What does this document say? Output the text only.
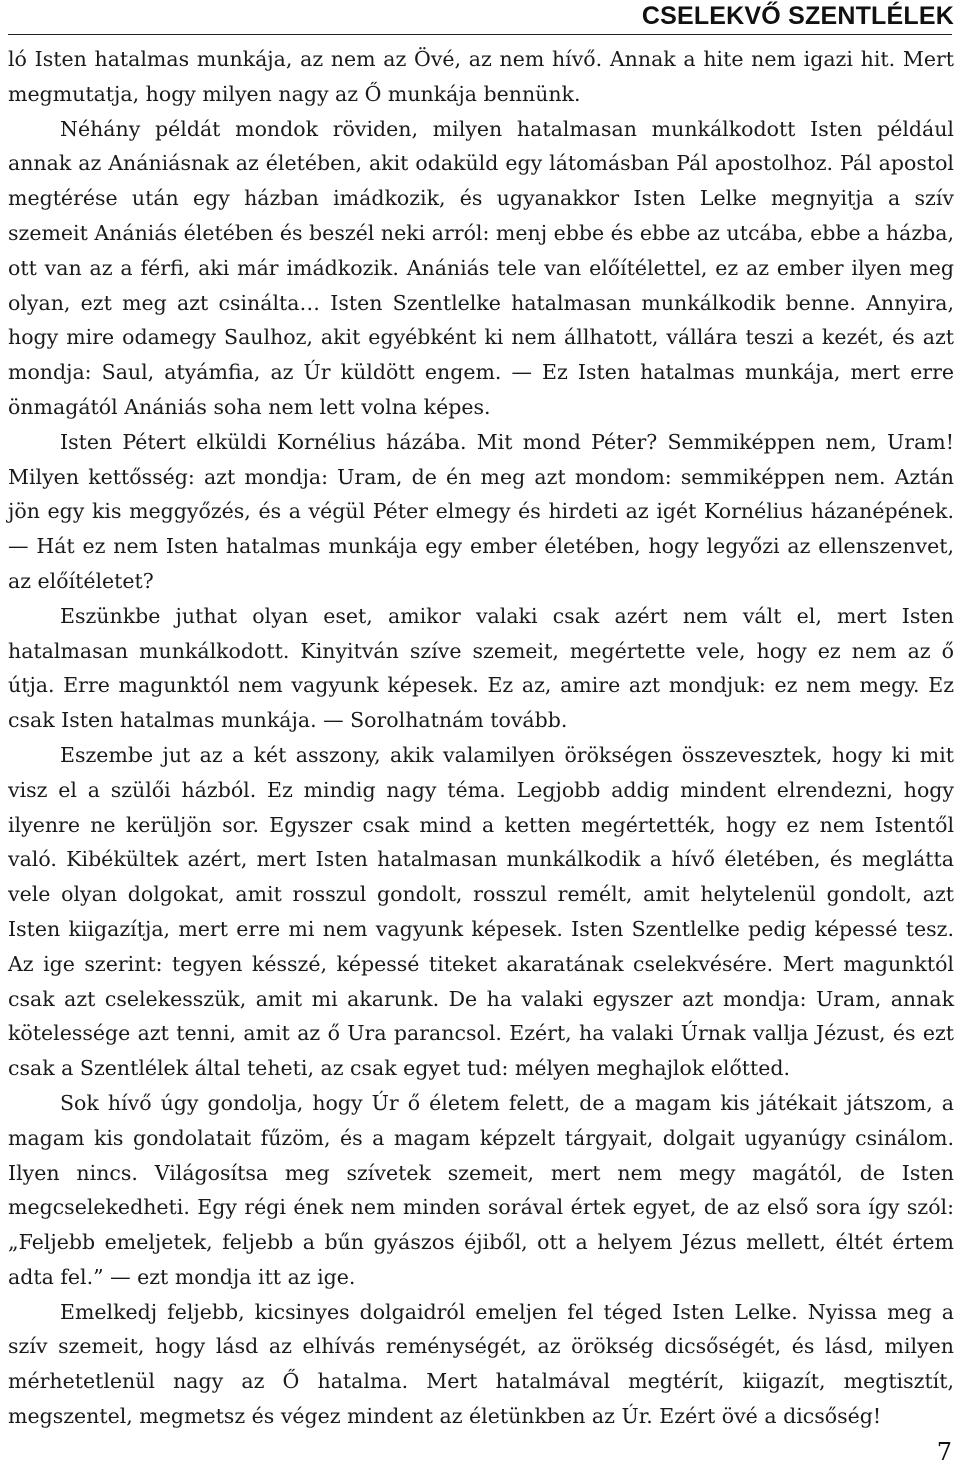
CSELEKVŐ SZENTLÉLEK

ló Isten hatalmas munkája, az nem az Övé, az nem hívő. Annak a hite nem igazi hit. Mert megmutatja, hogy milyen nagy az Ő munkája bennünk.

Néhány példát mondok röviden, milyen hatalmasan munkálkodott Isten például annak az Anániásnak az életében, akit odaküld egy látomásban Pál apostolhoz. Pál apostol megtérése után egy házban imádkozik, és ugyanakkor Isten Lelke megnyitja a szív szemeit Anániás életében és beszél neki arról: menj ebbe és ebbe az utcába, ebbe a házba, ott van az a férfi, aki már imádkozik. Anániás tele van előítélettel, ez az ember ilyen meg olyan, ezt meg azt csinálta… Isten Szentlelke hatalmasan munkálkodik benne. Annyira, hogy mire odamegy Saulhoz, akit egyébként ki nem állhatott, vállára teszi a kezét, és azt mondja: Saul, atyámfia, az Úr küldött engem. — Ez Isten hatalmas munkája, mert erre önmagától Anániás soha nem lett volna képes.

Isten Pétert elküldi Kornélius házába. Mit mond Péter? Semmiképpen nem, Uram! Milyen kettősség: azt mondja: Uram, de én meg azt mondom: semmiképpen nem. Aztán jön egy kis meggyőzés, és a végül Péter elmegy és hirdeti az igét Kornélius házanépének. — Hát ez nem Isten hatalmas munkája egy ember életében, hogy legyőzi az ellenszenvet, az előítéletet?

Eszünkbe juthat olyan eset, amikor valaki csak azért nem vált el, mert Isten hatalmasan munkálkodott. Kinyitván szíve szemeit, megértette vele, hogy ez nem az ő útja. Erre magunktól nem vagyunk képesek. Ez az, amire azt mondjuk: ez nem megy. Ez csak Isten hatalmas munkája. — Sorolhatnám tovább.

Eszembe jut az a két asszony, akik valamilyen örökségen összevesztek, hogy ki mit visz el a szülői házból. Ez mindig nagy téma. Legjobb addig mindent elrendezni, hogy ilyenre ne kerüljön sor. Egyszer csak mind a ketten megértették, hogy ez nem Istentől való. Kibékültek azért, mert Isten hatalmasan munkálkodik a hívő életében, és meglátta vele olyan dolgokat, amit rosszul gondolt, rosszul remélt, amit helytelenül gondolt, azt Isten kiigazítja, mert erre mi nem vagyunk képesek. Isten Szentlelke pedig képessé tesz. Az ige szerint: tegyen késszé, képessé titeket akaratának cselekvésére. Mert magunktól csak azt cselekesszük, amit mi akarunk. De ha valaki egyszer azt mondja: Uram, annak kötelessége azt tenni, amit az ő Ura parancsol. Ezért, ha valaki Úrnak vallja Jézust, és ezt csak a Szentlélek által teheti, az csak egyet tud: mélyen meghajlok előtted.

Sok hívő úgy gondolja, hogy Úr ő életem felett, de a magam kis játékait játszom, a magam kis gondolatait fűzöm, és a magam képzelt tárgyait, dolgait ugyanúgy csinálom. Ilyen nincs. Világosítsa meg szívetek szemeit, mert nem megy magától, de Isten megcselekedheti. Egy régi ének nem minden sorával értek egyet, de az első sora így szól: „Feljebb emeljetek, feljebb a bűn gyászos éjiből, ott a helyem Jézus mellett, éltét értem adta fel.” — ezt mondja itt az ige.

Emelkedj feljebb, kicsinyes dolgaidról emeljen fel téged Isten Lelke. Nyissa meg a szív szemeit, hogy lásd az elhívás reménységét, az örökség dicsőségét, és lásd, milyen mérhetetlenül nagy az Ő hatalma. Mert hatalmával megtérít, kiigazít, megtisztít, megszentel, megmetsz és végez mindent az életünkben az Úr. Ezért övé a dicsőség!

7
